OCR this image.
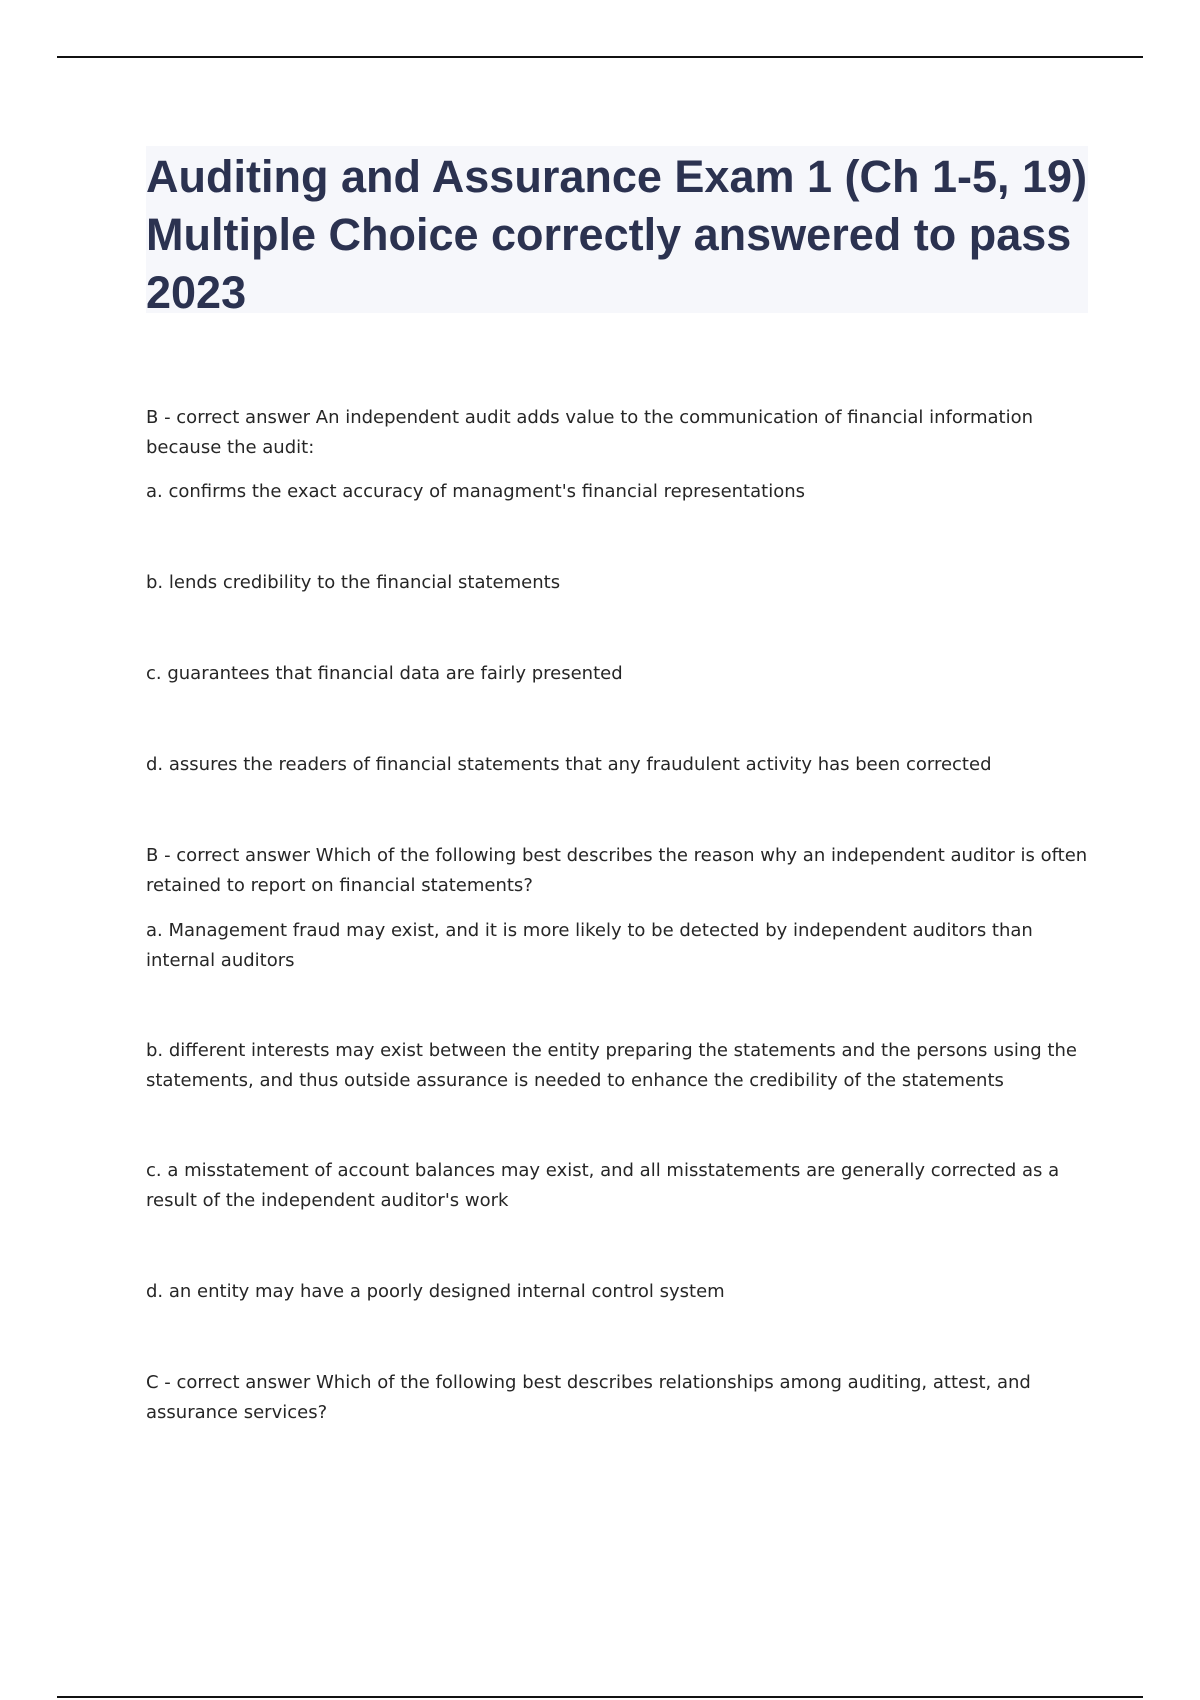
Auditing and Assurance Exam 1 (Ch 1-5, 19) Multiple Choice correctly answered to pass 2023

B - correct answer An independent audit adds value to the communication of financial information because the audit:

a. confirms the exact accuracy of managment's financial representations

b. lends credibility to the financial statements

c. guarantees that financial data are fairly presented

d. assures the readers of financial statements that any fraudulent activity has been corrected

B - correct answer Which of the following best describes the reason why an independent auditor is often retained to report on financial statements?

a. Management fraud may exist, and it is more likely to be detected by independent auditors than internal auditors

b. different interests may exist between the entity preparing the statements and the persons using the statements, and thus outside assurance is needed to enhance the credibility of the statements

c. a misstatement of account balances may exist, and all misstatements are generally corrected as a result of the independent auditor's work

d. an entity may have a poorly designed internal control system

C - correct answer Which of the following best describes relationships among auditing, attest, and assurance services?
